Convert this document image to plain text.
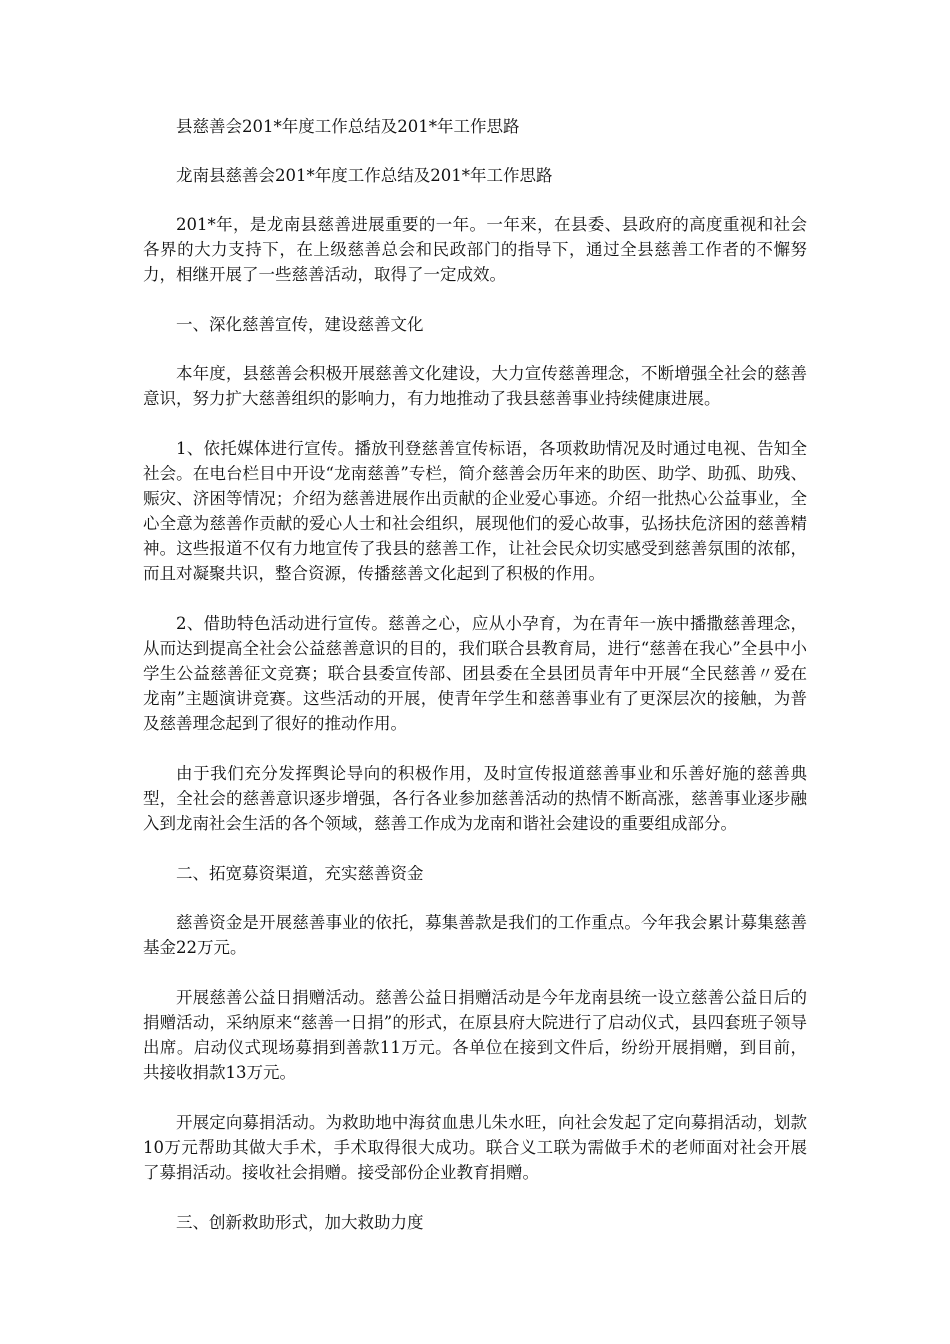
县慈善会201*年度工作总结及201*年工作思路

龙南县慈善会201*年度工作总结及201*年工作思路

201*年，是龙南县慈善进展重要的一年。一年来，在县委、县政府的高度重视和社会各界的大力支持下，在上级慈善总会和民政部门的指导下，通过全县慈善工作者的不懈努力，相继开展了一些慈善活动，取得了一定成效。

一、深化慈善宣传，建设慈善文化

本年度，县慈善会积极开展慈善文化建设，大力宣传慈善理念，不断增强全社会的慈善意识，努力扩大慈善组织的影响力，有力地推动了我县慈善事业持续健康进展。

1、依托媒体进行宣传。播放刊登慈善宣传标语，各项救助情况及时通过电视、告知全社会。在电台栏目中开设“龙南慈善”专栏，简介慈善会历年来的助医、助学、助孤、助残、赈灾、济困等情况；介绍为慈善进展作出贡献的企业爱心事迹。介绍一批热心公益事业，全心全意为慈善作贡献的爱心人士和社会组织，展现他们的爱心故事，弘扬扶危济困的慈善精神。这些报道不仅有力地宣传了我县的慈善工作，让社会民众切实感受到慈善氛围的浓郁，而且对凝聚共识，整合资源，传播慈善文化起到了积极的作用。

2、借助特色活动进行宣传。慈善之心，应从小孕育，为在青年一族中播撒慈善理念，从而达到提高全社会公益慈善意识的目的，我们联合县教育局，进行“慈善在我心”全县中小学生公益慈善征文竞赛；联合县委宣传部、团县委在全县团员青年中开展“全民慈善〃爱在龙南”主题演讲竞赛。这些活动的开展，使青年学生和慈善事业有了更深层次的接触，为普及慈善理念起到了很好的推动作用。

由于我们充分发挥舆论导向的积极作用，及时宣传报道慈善事业和乐善好施的慈善典型，全社会的慈善意识逐步增强，各行各业参加慈善活动的热情不断高涨，慈善事业逐步融入到龙南社会生活的各个领域，慈善工作成为龙南和谐社会建设的重要组成部分。

二、拓宽募资渠道，充实慈善资金

慈善资金是开展慈善事业的依托，募集善款是我们的工作重点。今年我会累计募集慈善基金22万元。

开展慈善公益日捐赠活动。慈善公益日捐赠活动是今年龙南县统一设立慈善公益日后的捐赠活动，采纳原来“慈善一日捐”的形式，在原县府大院进行了启动仪式，县四套班子领导出席。启动仪式现场募捐到善款11万元。各单位在接到文件后，纷纷开展捐赠，到目前，共接收捐款13万元。

开展定向募捐活动。为救助地中海贫血患儿朱水旺，向社会发起了定向募捐活动，划款10万元帮助其做大手术，手术取得很大成功。联合义工联为需做手术的老师面对社会开展了募捐活动。接收社会捐赠。接受部份企业教育捐赠。

三、创新救助形式，加大救助力度
